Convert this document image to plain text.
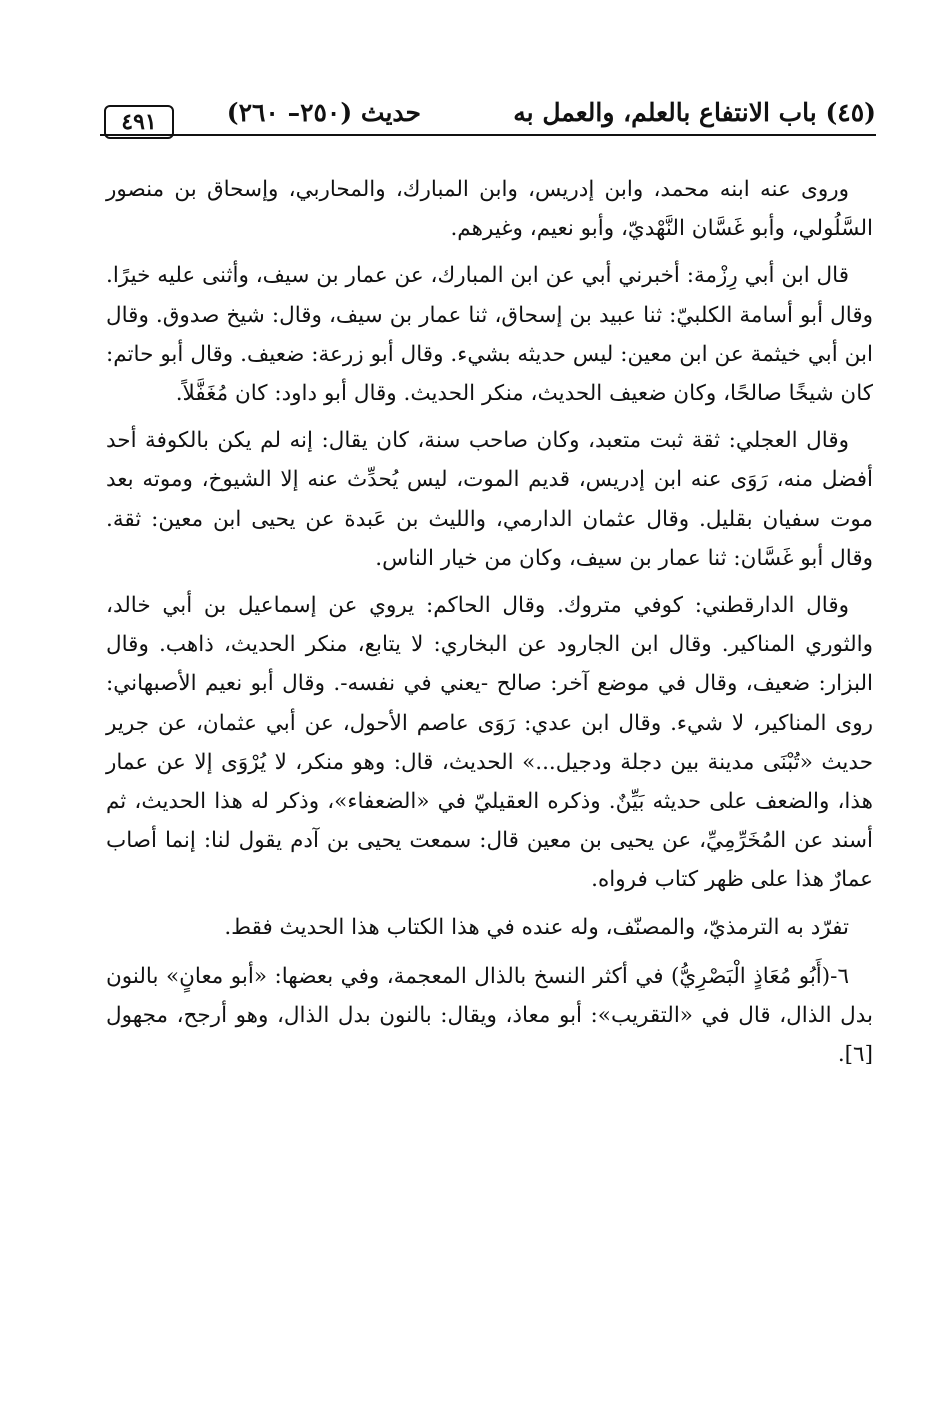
(٤٥) باب الانتفاع بالعلم، والعمل به
حديث (٢٥٠– ٢٦٠)
٤٩١

وروى عنه ابنه محمد، وابن إدريس، وابن المبارك، والمحاربي، وإسحاق بن منصور السَّلُولي، وأبو غَسَّان النَّهْديّ، وأبو نعيم، وغيرهم.

قال ابن أبي رِزْمة: أخبرني أبي عن ابن المبارك، عن عمار بن سيف، وأثنى عليه خيرًا. وقال أبو أسامة الكلبيّ: ثنا عبيد بن إسحاق، ثنا عمار بن سيف، وقال: شيخ صدوق. وقال ابن أبي خيثمة عن ابن معين: ليس حديثه بشيء. وقال أبو زرعة: ضعيف. وقال أبو حاتم: كان شيخًا صالحًا، وكان ضعيف الحديث، منكر الحديث. وقال أبو داود: كان مُغَفَّلاً.

وقال العجلي: ثقة ثبت متعبد، وكان صاحب سنة، كان يقال: إنه لم يكن بالكوفة أحد أفضل منه، رَوَى عنه ابن إدريس، قديم الموت، ليس يُحدِّث عنه إلا الشيوخ، وموته بعد موت سفيان بقليل. وقال عثمان الدارمي، والليث بن عَبدة عن يحيى ابن معين: ثقة. وقال أبو غَسَّان: ثنا عمار بن سيف، وكان من خيار الناس.

وقال الدارقطني: كوفي متروك. وقال الحاكم: يروي عن إسماعيل بن أبي خالد، والثوري المناكير. وقال ابن الجارود عن البخاري: لا يتابع، منكر الحديث، ذاهب. وقال البزار: ضعيف، وقال في موضع آخر: صالح -يعني في نفسه-. وقال أبو نعيم الأصبهاني: روى المناكير، لا شيء. وقال ابن عدي: رَوَى عاصم الأحول، عن أبي عثمان، عن جرير حديث «تُبْنَى مدينة بين دجلة ودجيل...» الحديث، قال: وهو منكر، لا يُرْوَى إلا عن عمار هذا، والضعف على حديثه بَيِّنٌ. وذكره العقيليّ في «الضعفاء»، وذكر له هذا الحديث، ثم أسند عن المُخَرِّمِيِّ، عن يحيى بن معين قال: سمعت يحيى بن آدم يقول لنا: إنما أصاب عمارٌ هذا على ظهر كتاب فرواه.

تفرّد به الترمذيّ، والمصنّف، وله عنده في هذا الكتاب هذا الحديث فقط.

٦-(أَبُو مُعَاذٍ الْبَصْرِيُّ) في أكثر النسخ بالذال المعجمة، وفي بعضها: «أبو معانٍ» بالنون بدل الذال، قال في «التقريب»: أبو معاذ، ويقال: بالنون بدل الذال، وهو أرجح، مجهول [٦].
